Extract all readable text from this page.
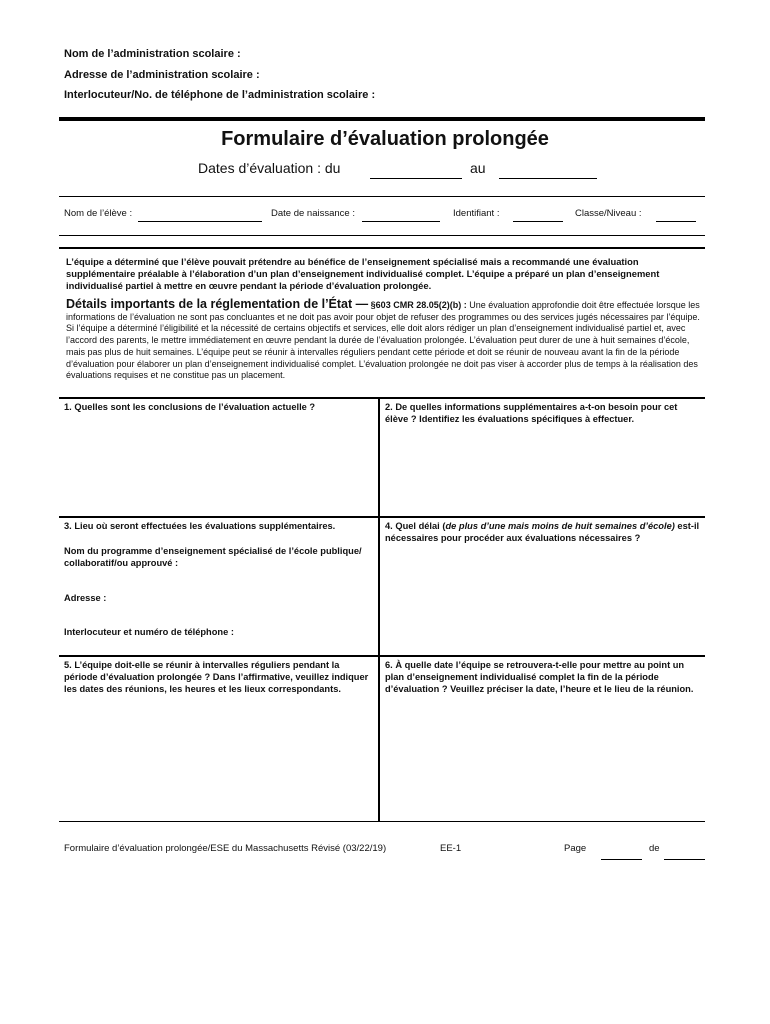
Nom de l’administration scolaire :
Adresse de l’administration scolaire :
Interlocuteur/No. de téléphone de l’administration scolaire :
Formulaire d’évaluation prolongée
Dates d’évaluation : du	au
Nom de l’élève :	Date de naissance :	Identifiant :	Classe/Niveau :
L’équipe a déterminé que l’élève pouvait prétendre au bénéfice de l’enseignement spécialisé mais a recommandé une évaluation supplémentaire préalable à l’élaboration d’un plan d’enseignement individualisé complet. L’équipe a préparé un plan d’enseignement individualisé partiel à mettre en œuvre pendant la période d’évaluation prolongée.
Détails importants de la réglementation de l’État — §603 CMR 28.05(2)(b) : Une évaluation approfondie doit être effectuée lorsque les informations de l’évaluation ne sont pas concluantes et ne doit pas avoir pour objet de refuser des programmes ou des services jugés nécessaires par l’équipe. Si l’équipe a déterminé l’éligibilité et la nécessité de certains objectifs et services, elle doit alors rédiger un plan d’enseignement individualisé partiel et, avec l’accord des parents, le mettre immédiatement en œuvre pendant la durée de l’évaluation prolongée. L’évaluation peut durer de une à huit semaines d’école, mais pas plus de huit semaines. L’équipe peut se réunir à intervalles réguliers pendant cette période et doit se réunir de nouveau avant la fin de la période d’évaluation pour élaborer un plan d’enseignement individualisé complet. L’évaluation prolongée ne doit pas viser à accorder plus de temps à la réalisation des évaluations requises et ne constitue pas un placement.
1. Quelles sont les conclusions de l’évaluation actuelle ?	2. De quelles informations supplémentaires a-t-on besoin pour cet élève ? Identifiez les évaluations spécifiques à effectuer.
3. Lieu où seront effectuées les évaluations supplémentaires.
Nom du programme d’enseignement spécialisé de l’école publique/ collaboratif/ou approuvé :
Adresse :
Interlocuteur et numéro de téléphone :
4. Quel délai (de plus d’une mais moins de huit semaines d’école) est-il nécessaires pour procéder aux évaluations nécessaires ?
5. L’équipe doit-elle se réunir à intervalles réguliers pendant la période d’évaluation prolongée ? Dans l’affirmative, veuillez indiquer les dates des réunions, les heures et les lieux correspondants.
6. À quelle date l’équipe se retrouvera-t-elle pour mettre au point un plan d’enseignement individualisé complet la fin de la période d’évaluation ? Veuillez préciser la date, l’heure et le lieu de la réunion.
Formulaire d’évaluation prolongée/ESE du Massachusetts Révisé (03/22/19)	EE-1	Page	de
